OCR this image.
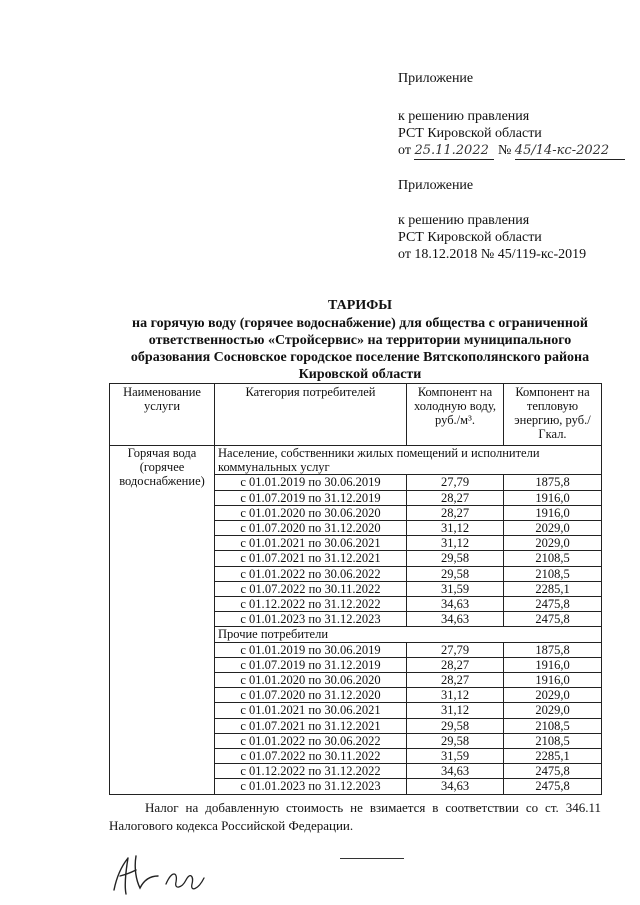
Приложение
к решению правления
РСТ Кировской области
от 25.11.2022 № 45/14-кс-2022
Приложение
к решению правления
РСТ Кировской области
от 18.12.2018 № 45/119-кс-2019
ТАРИФЫ
на горячую воду (горячее водоснабжение) для общества с ограниченной
ответственностью «Стройсервис» на территории муниципального
образования Сосновское городское поселение Вятскополянского района
Кировской области
Наименование услуги	Категория потребителей	Компонент на холодную воду, руб./м³.	Компонент на тепловую энергию, руб./Гкал.
Горячая вода (горячее водоснабжение)	Население, собственники жилых помещений и исполнители коммунальных услуг		
	с 01.01.2019 по 30.06.2019	27,79	1875,8
	с 01.07.2019 по 31.12.2019	28,27	1916,0
	с 01.01.2020 по 30.06.2020	28,27	1916,0
	с 01.07.2020 по 31.12.2020	31,12	2029,0
	с 01.01.2021 по 30.06.2021	31,12	2029,0
	с 01.07.2021 по 31.12.2021	29,58	2108,5
	с 01.01.2022 по 30.06.2022	29,58	2108,5
	с 01.07.2022 по 30.11.2022	31,59	2285,1
	с 01.12.2022 по 31.12.2022	34,63	2475,8
	с 01.01.2023 по 31.12.2023	34,63	2475,8
	Прочие потребители		
	с 01.01.2019 по 30.06.2019	27,79	1875,8
	с 01.07.2019 по 31.12.2019	28,27	1916,0
	с 01.01.2020 по 30.06.2020	28,27	1916,0
	с 01.07.2020 по 31.12.2020	31,12	2029,0
	с 01.01.2021 по 30.06.2021	31,12	2029,0
	с 01.07.2021 по 31.12.2021	29,58	2108,5
	с 01.01.2022 по 30.06.2022	29,58	2108,5
	с 01.07.2022 по 30.11.2022	31,59	2285,1
	с 01.12.2022 по 31.12.2022	34,63	2475,8
	с 01.01.2023 по 31.12.2023	34,63	2475,8
Налог на добавленную стоимость не взимается в соответствии со ст. 346.11 Налогового кодекса Российской Федерации.
